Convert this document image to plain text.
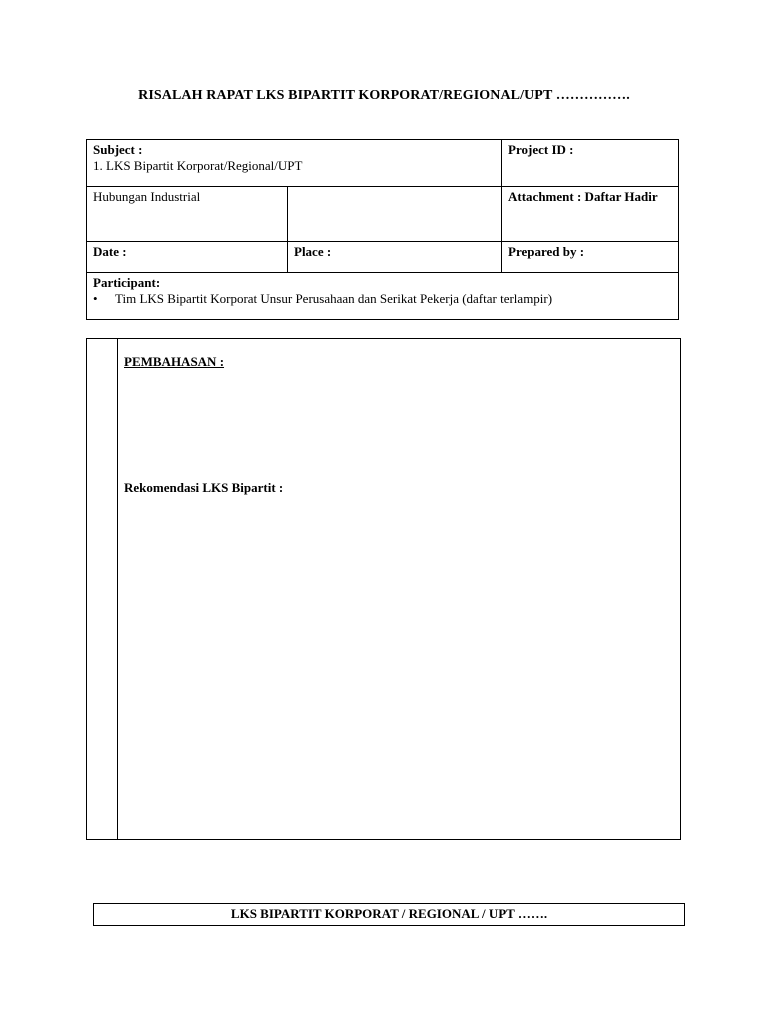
RISALAH RAPAT LKS BIPARTIT KORPORAT/REGIONAL/UPT …………….
Subject :
1. LKS Bipartit Korporat/Regional/UPT		Project ID :

Hubungan Industrial		Attachment : Daftar Hadir

Date :	Place :	Prepared by :

Participant:
• Tim LKS Bipartit Korporat Unsur Perusahaan dan Serikat Pekerja (daftar terlampir)		
PEMBAHASAN :
Rekomendasi LKS Bipartit :
LKS BIPARTIT KORPORAT / REGIONAL / UPT …….
